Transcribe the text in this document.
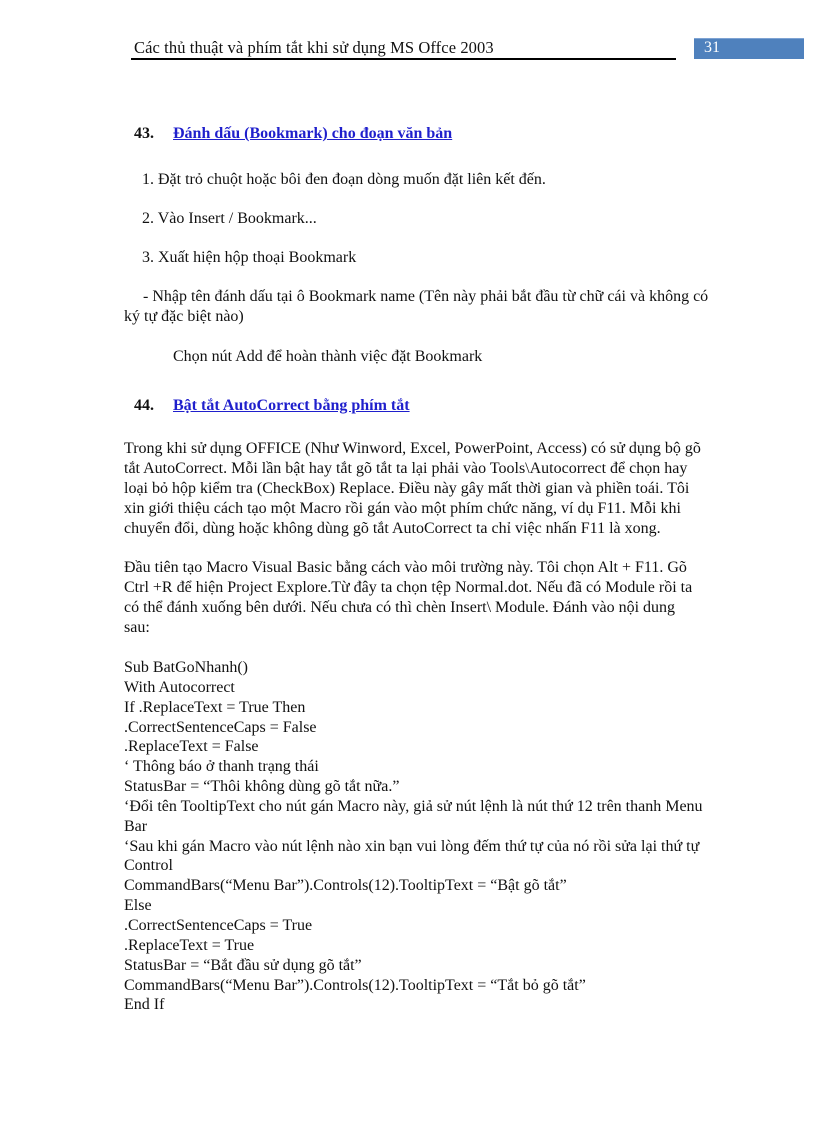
Các thủ thuật và phím tắt khi sử dụng MS Offce 2003	31
43. Đánh dấu (Bookmark) cho đoạn văn bản
1. Đặt trỏ chuột hoặc bôi đen đoạn dòng muốn đặt liên kết đến.
2. Vào Insert / Bookmark...
3. Xuất hiện hộp thoại Bookmark
- Nhập tên đánh dấu tại ô Bookmark name (Tên này phải bắt đầu từ chữ cái và không có ký tự đặc biệt nào)
Chọn nút Add để hoàn thành việc đặt Bookmark
44. Bật tắt AutoCorrect bằng phím tắt
Trong khi sử dụng OFFICE (Như Winword, Excel, PowerPoint, Access) có sử dụng bộ gõ tắt AutoCorrect. Mỗi lần bật hay tắt gõ tắt ta lại phải vào Tools\Autocorrect để chọn hay loại bỏ hộp kiểm tra (CheckBox) Replace. Điều này gây mất thời gian và phiền toái. Tôi xin giới thiệu cách tạo một Macro rồi gán vào một phím chức năng, ví dụ F11. Mỗi khi chuyển đổi, dùng hoặc không dùng gõ tắt AutoCorrect ta chỉ việc nhấn F11 là xong.
Đầu tiên tạo Macro Visual Basic bằng cách vào môi trường này. Tôi chọn Alt + F11. Gõ Ctrl +R để hiện Project Explore.Từ đây ta chọn tệp Normal.dot. Nếu đã có Module rồi ta có thể đánh xuống bên dưới. Nếu chưa có thì chèn Insert\ Module. Đánh vào nội dung sau:
Sub BatGoNhanh()
With Autocorrect
If .ReplaceText = True Then
.CorrectSentenceCaps = False
.ReplaceText = False
‘ Thông báo ở thanh trạng thái
StatusBar = “Thôi không dùng gõ tắt nữa.”
‘Đổi tên TooltipText cho nút gán Macro này, giả sử nút lệnh là nút thứ 12 trên thanh Menu Bar
‘Sau khi gán Macro vào nút lệnh nào xin bạn vui lòng đếm thứ tự của nó rồi sửa lại thứ tự Control
CommandBars(“Menu Bar”).Controls(12).TooltipText = “Bật gõ tắt”
Else
.CorrectSentenceCaps = True
.ReplaceText = True
StatusBar = “Bắt đầu sử dụng gõ tắt”
CommandBars(“Menu Bar”).Controls(12).TooltipText = “Tắt bỏ gõ tắt”
End If
